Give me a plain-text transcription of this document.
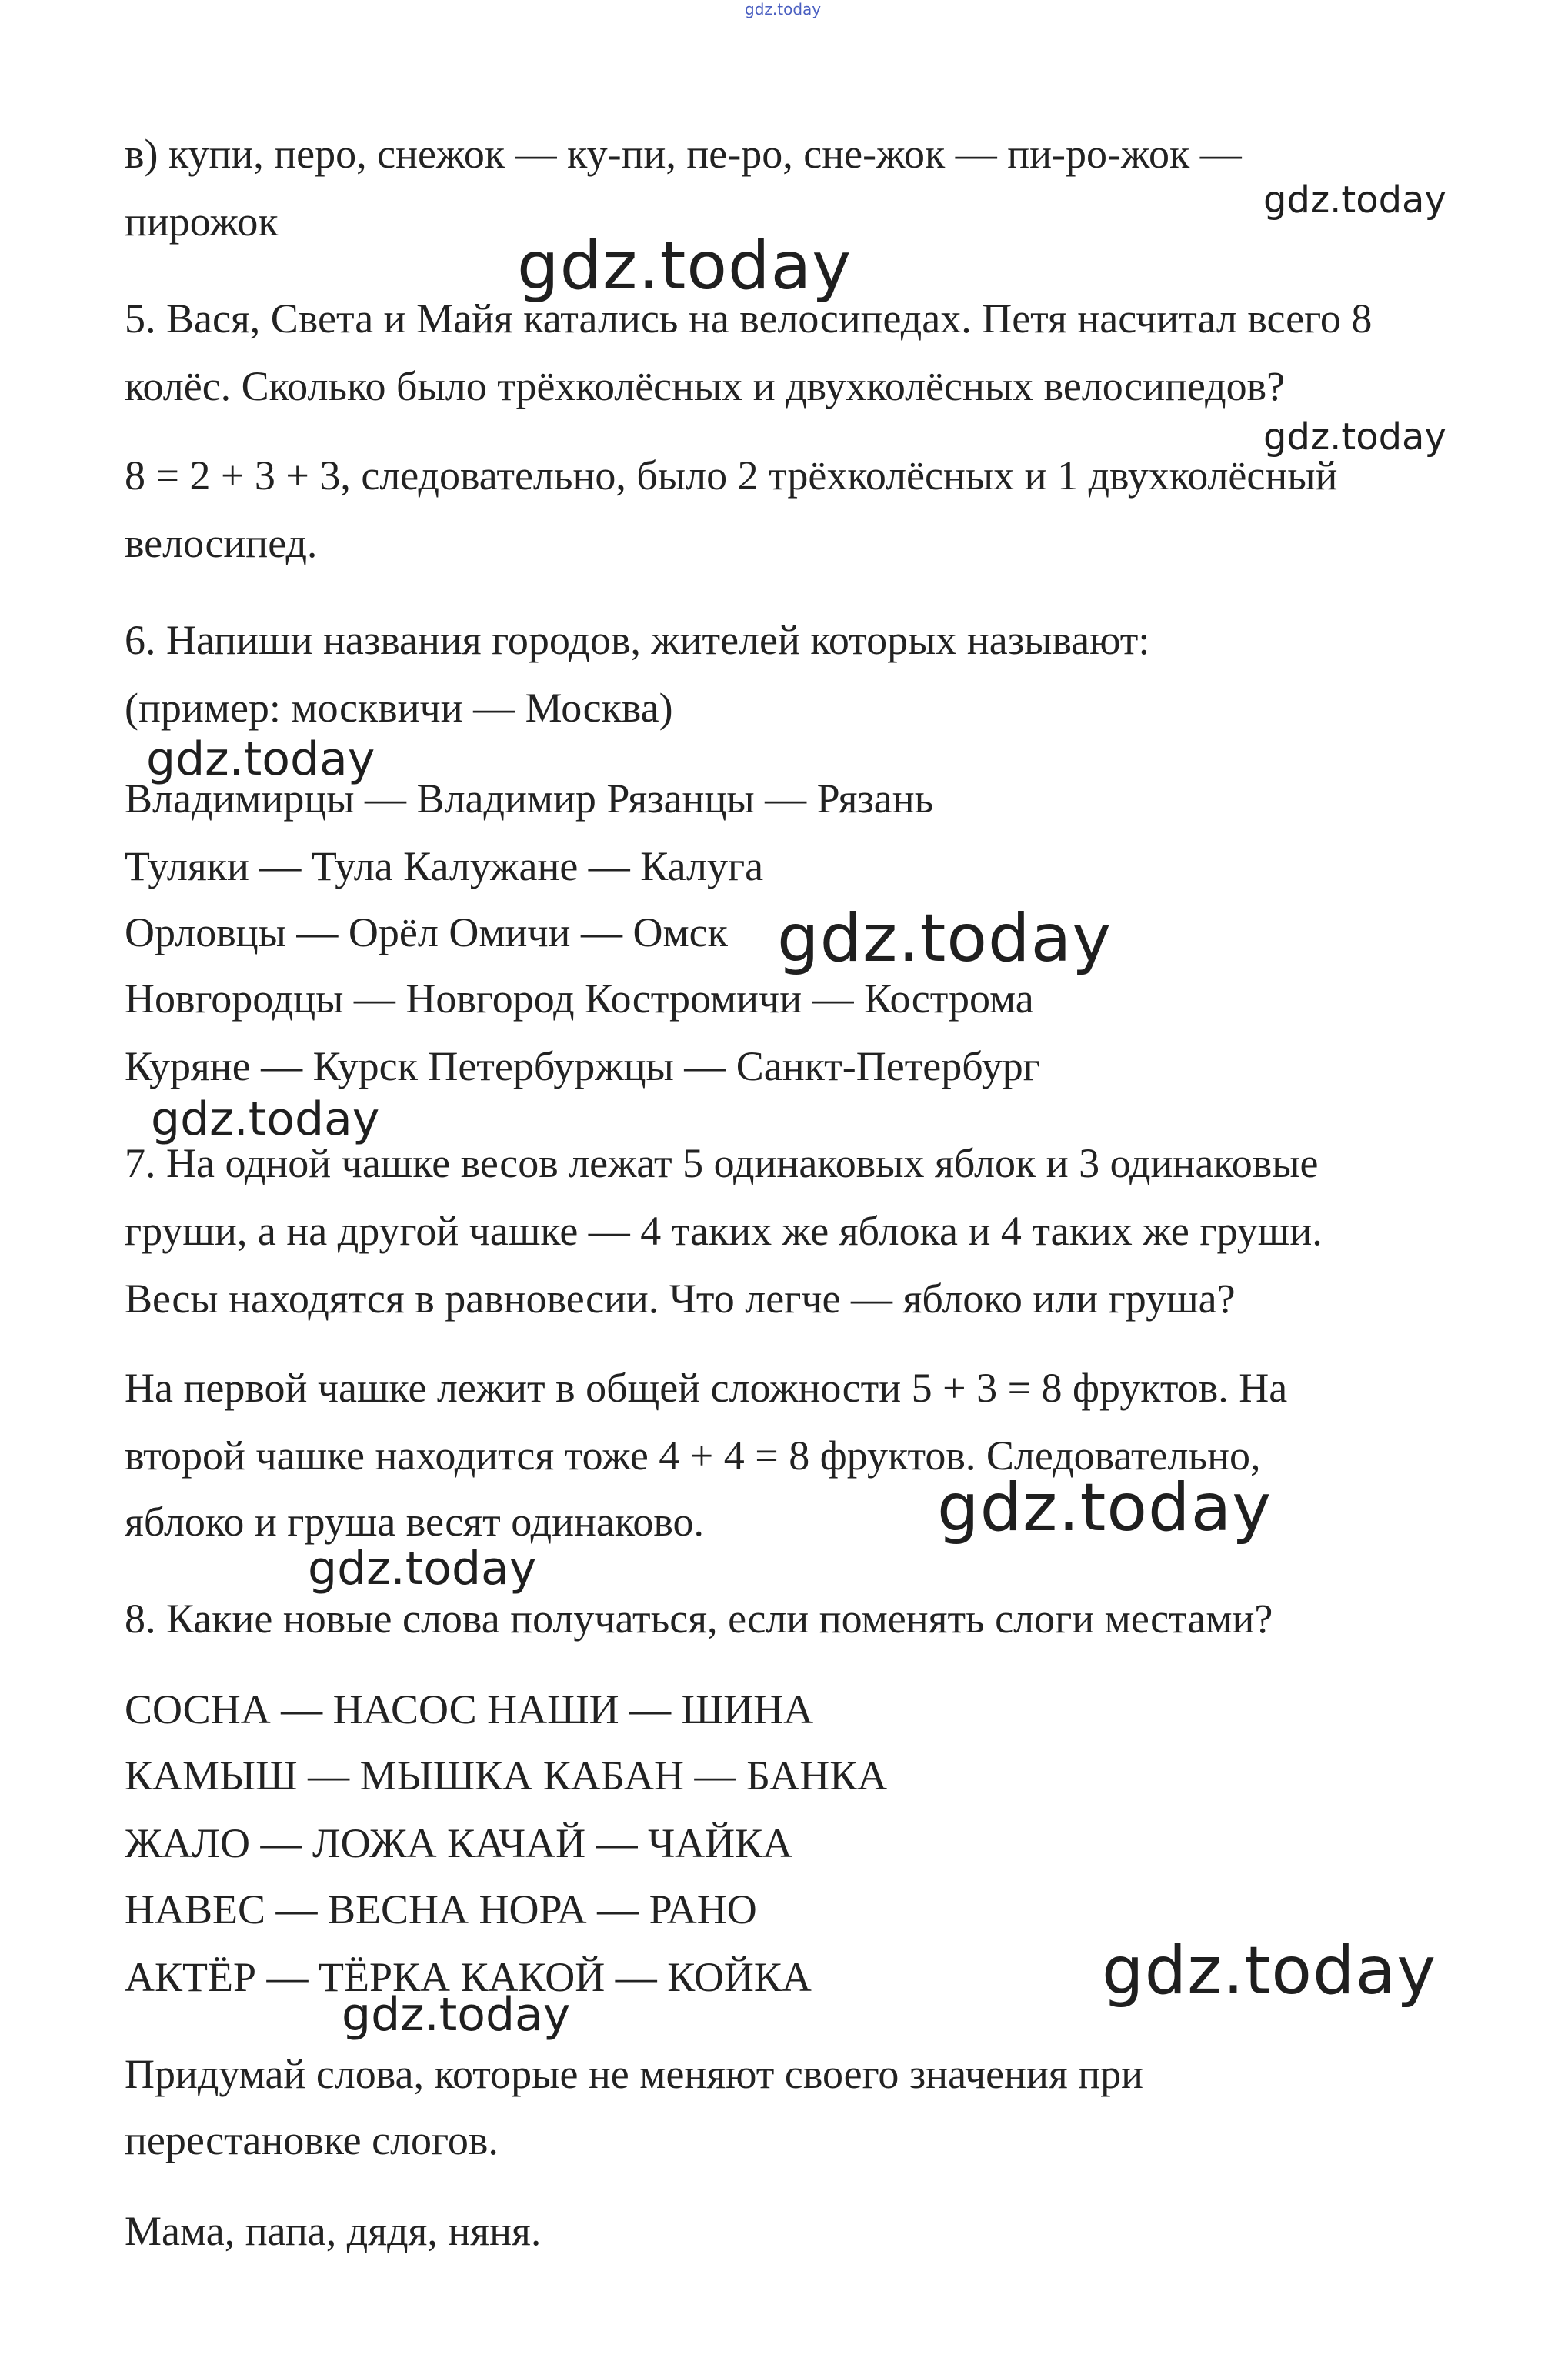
gdz.today
gdz.today
gdz.today
gdz.today
gdz.today
gdz.today
gdz.today
gdz.today
gdz.today
gdz.today
gdz.today
в) купи, перо, снежок — ку-пи, пе-ро, сне-жок — пи-ро-жок —
пирожок
5. Вася, Света и Майя катались на велосипедах. Петя насчитал всего 8
колёс. Сколько было трёхколёсных и двухколёсных велосипедов?
8 = 2 + 3 + 3, следовательно, было 2 трёхколёсных и 1 двухколёсный
велосипед.
6. Напиши названия городов, жителей которых называют:
(пример: москвичи — Москва)
Владимирцы — Владимир Рязанцы — Рязань
Туляки — Тула Калужане — Калуга
Орловцы — Орёл Омичи — Омск
Новгородцы — Новгород Костромичи — Кострома
Куряне — Курск Петербуржцы — Санкт-Петербург
7. На одной чашке весов лежат 5 одинаковых яблок и 3 одинаковые
груши, а на другой чашке — 4 таких же яблока и 4 таких же груши.
Весы находятся в равновесии. Что легче — яблоко или груша?
На первой чашке лежит в общей сложности 5 + 3 = 8 фруктов. На
второй чашке находится тоже 4 + 4 = 8 фруктов. Следовательно,
яблоко и груша весят одинаково.
8. Какие новые слова получаться, если поменять слоги местами?
СОСНА — НАСОС НАШИ — ШИНА
КАМЫШ — МЫШКА КАБАН — БАНКА
ЖАЛО — ЛОЖА КАЧАЙ — ЧАЙКА
НАВЕС — ВЕСНА НОРА — РАНО
АКТЁР — ТЁРКА КАКОЙ — КОЙКА
Придумай слова, которые не меняют своего значения при
перестановке слогов.
Мама, папа, дядя, няня.
